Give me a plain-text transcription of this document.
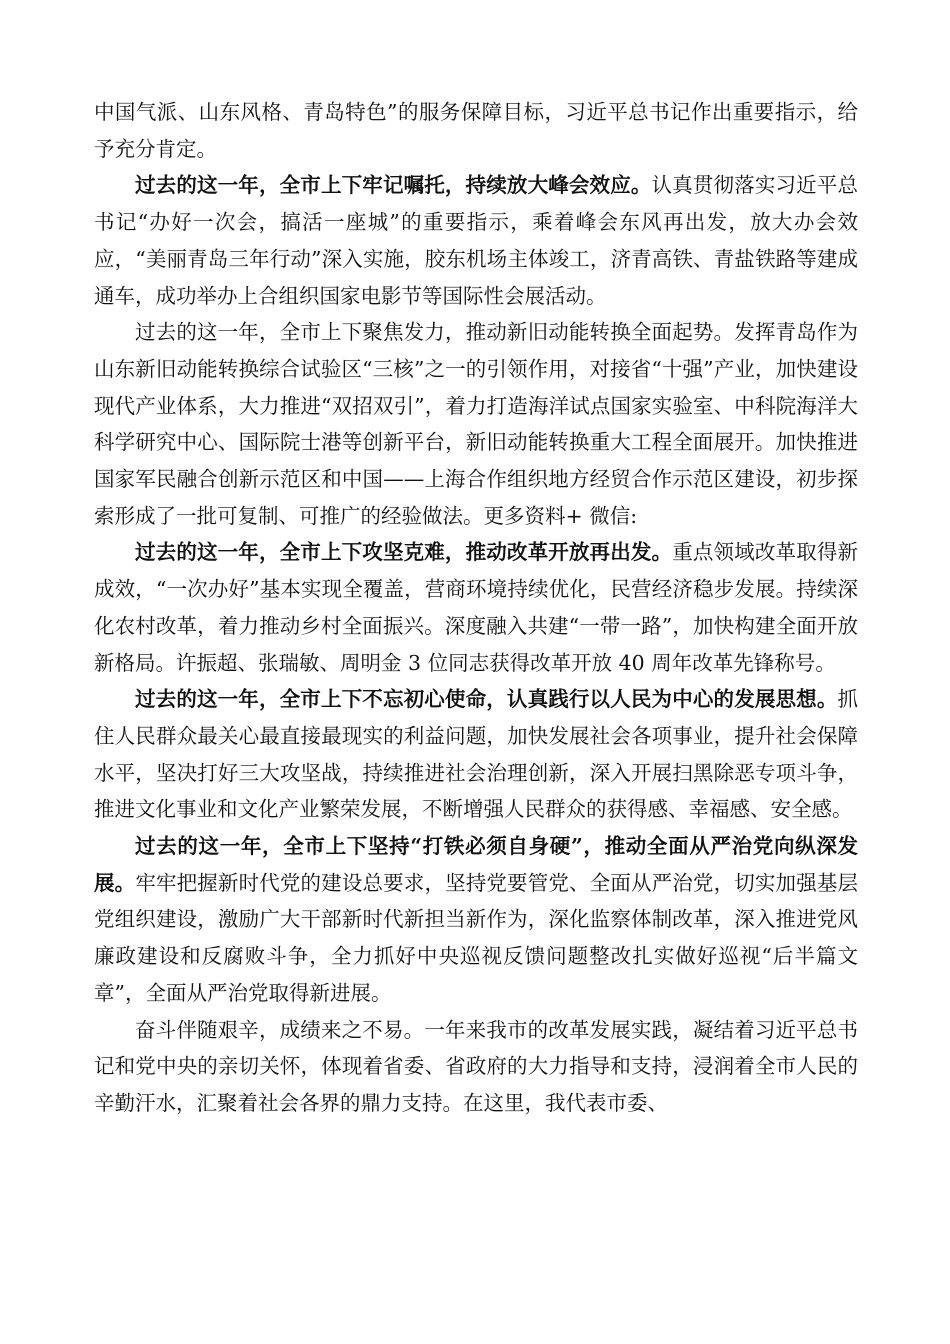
中国气派、山东风格、青岛特色”的服务保障目标，习近平总书记作出重要指示，给予充分肯定。

过去的这一年，全市上下牢记嘱托，持续放大峰会效应。认真贯彻落实习近平总书记“办好一次会，搞活一座城”的重要指示，乘着峰会东风再出发，放大办会效应，“美丽青岛三年行动”深入实施，胶东机场主体竣工，济青高铁、青盐铁路等建成通车，成功举办上合组织国家电影节等国际性会展活动。

过去的这一年，全市上下聚焦发力，推动新旧动能转换全面起势。发挥青岛作为山东新旧动能转换综合试验区“三核”之一的引领作用，对接省“十强”产业，加快建设现代产业体系，大力推进“双招双引”，着力打造海洋试点国家实验室、中科院海洋大科学研究中心、国际院士港等创新平台，新旧动能转换重大工程全面展开。加快推进国家军民融合创新示范区和中国——上海合作组织地方经贸合作示范区建设，初步探索形成了一批可复制、可推广的经验做法。更多资料+ 微信:

过去的这一年，全市上下攻坚克难，推动改革开放再出发。重点领域改革取得新成效，“一次办好”基本实现全覆盖，营商环境持续优化，民营经济稳步发展。持续深化农村改革，着力推动乡村全面振兴。深度融入共建“一带一路”，加快构建全面开放新格局。许振超、张瑞敏、周明金 3 位同志获得改革开放 40 周年改革先锋称号。

过去的这一年，全市上下不忘初心使命，认真践行以人民为中心的发展思想。抓住人民群众最关心最直接最现实的利益问题，加快发展社会各项事业，提升社会保障水平，坚决打好三大攻坚战，持续推进社会治理创新，深入开展扫黑除恶专项斗争，推进文化事业和文化产业繁荣发展，不断增强人民群众的获得感、幸福感、安全感。

过去的这一年，全市上下坚持“打铁必须自身硬”，推动全面从严治党向纵深发展。牢牢把握新时代党的建设总要求，坚持党要管党、全面从严治党，切实加强基层党组织建设，激励广大干部新时代新担当新作为，深化监察体制改革，深入推进党风廉政建设和反腐败斗争，全力抓好中央巡视反馈问题整改扎实做好巡视“后半篇文章”，全面从严治党取得新进展。

奋斗伴随艰辛，成绩来之不易。一年来我市的改革发展实践，凝结着习近平总书记和党中央的亲切关怀，体现着省委、省政府的大力指导和支持，浸润着全市人民的辛勤汗水，汇聚着社会各界的鼎力支持。在这里，我代表市委、
